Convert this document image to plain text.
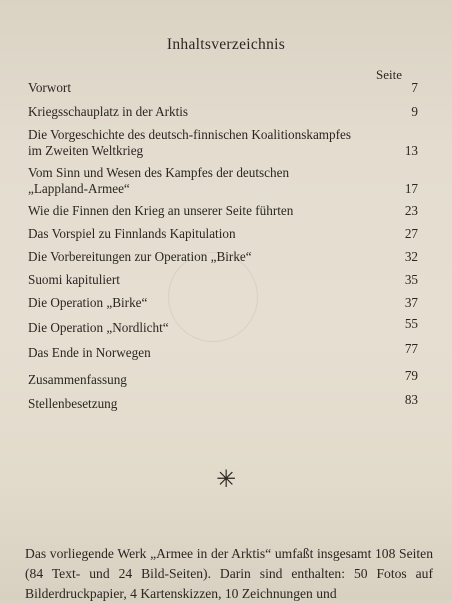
Inhaltsverzeichnis
Seite
Vorwort	7
Kriegsschauplatz in der Arktis	9
Die Vorgeschichte des deutsch-finnischen Koalitionskampfes im Zweiten Weltkrieg	13
Vom Sinn und Wesen des Kampfes der deutschen „Lappland-Armee“	17
Wie die Finnen den Krieg an unserer Seite führten	23
Das Vorspiel zu Finnlands Kapitulation	27
Die Vorbereitungen zur Operation „Birke“	32
Suomi kapituliert	35
Die Operation „Birke“	37
Die Operation „Nordlicht“	55
Das Ende in Norwegen	77
Zusammenfassung	79
Stellenbesetzung	83
✳
Das vorliegende Werk „Armee in der Arktis“ umfaßt insgesamt 108 Seiten (84 Text- und 24 Bild-Seiten). Darin sind enthalten: 50 Fotos auf Bilderdruckpapier, 4 Kartenskizzen, 10 Zeichnungen und
